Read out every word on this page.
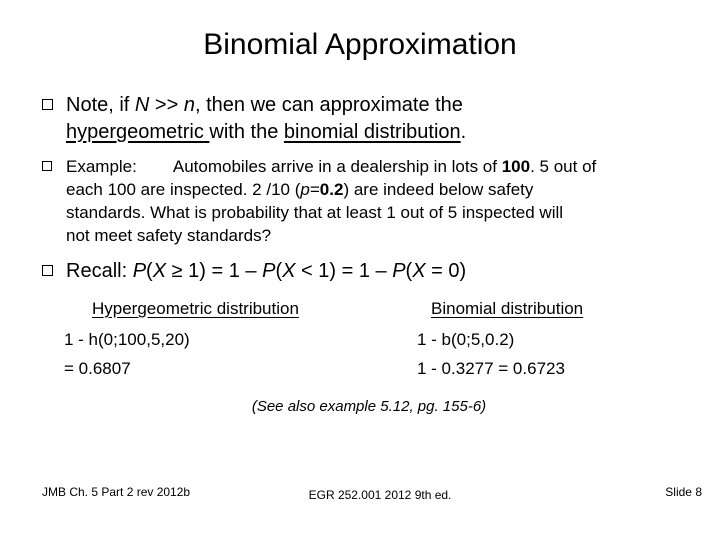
Binomial Approximation
Note, if N >> n, then we can approximate the
hypergeometric with the binomial distribution.
Example: Automobiles arrive in a dealership in lots of 100. 5 out of
each 100 are inspected. 2 /10 (p=0.2) are indeed below safety
standards. What is probability that at least 1 out of 5 inspected will
not meet safety standards?
Recall: P(X ≥ 1) = 1 – P(X < 1) = 1 – P(X = 0)
Hypergeometric distribution
1 - h(0;100,5,20)
= 0.6807
Binomial distribution
1 - b(0;5,0.2)
1 - 0.3277 = 0.6723
(See also example 5.12, pg. 155-6)
JMB Ch. 5 Part 2 rev 2012b	EGR 252.001 2012 9th ed.	Slide 8
